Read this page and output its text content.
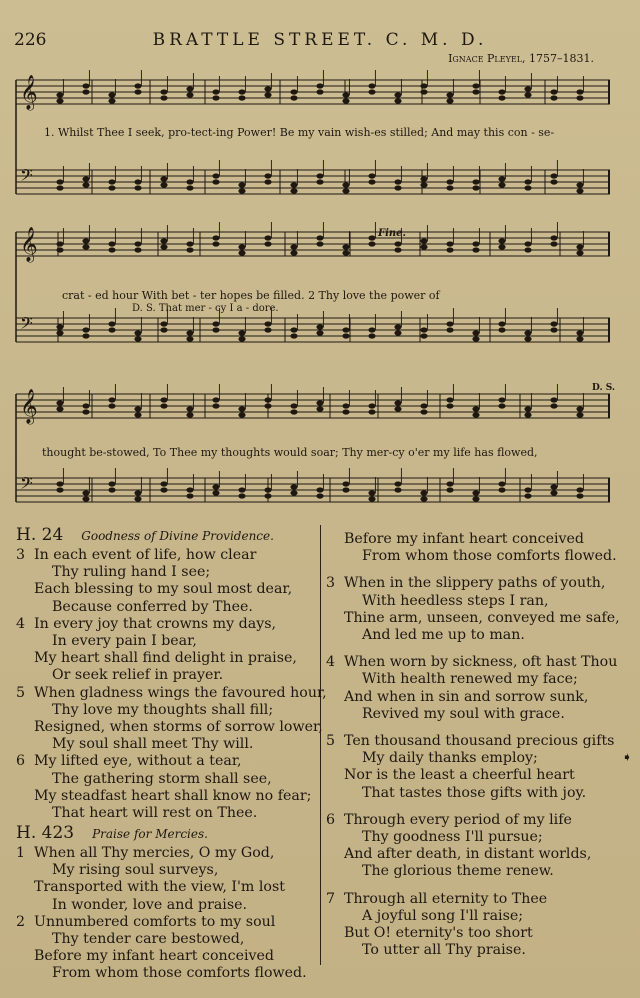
226	BRATTLE STREET. C. M. D.
Ignace Pleyel, 1757–1831.
𝄞
𝄢
𝄞
𝄢
𝄞
𝄢
1. Whilst Thee I seek, pro-tect-ing Power! Be my vain wish-es stilled; And may this con - se-
Fine.
crat - ed hour With bet - ter hopes be filled. 2 Thy love the power of
D. S. That mer - cy I a - dore.
D. S.
thought be-stowed, To Thee my thoughts would soar; Thy mer-cy o'er my life has flowed,
H. 24 Goodness of Divine Providence.
3 In each event of life, how clear
Thy ruling hand I see;
Each blessing to my soul most dear,
Because conferred by Thee.
4 In every joy that crowns my days,
In every pain I bear,
My heart shall find delight in praise,
Or seek relief in prayer.
5 When gladness wings the favoured hour,
Thy love my thoughts shall fill;
Resigned, when storms of sorrow lower,
My soul shall meet Thy will.
6 My lifted eye, without a tear,
The gathering storm shall see,
My steadfast heart shall know no fear;
That heart will rest on Thee.
H. 423 Praise for Mercies.
1 When all Thy mercies, O my God,
My rising soul surveys,
Transported with the view, I'm lost
In wonder, love and praise.
2 Unnumbered comforts to my soul
Thy tender care bestowed,
Before my infant heart conceived
From whom those comforts flowed.
Before my infant heart conceived
From whom those comforts flowed.
3 When in the slippery paths of youth,
With heedless steps I ran,
Thine arm, unseen, conveyed me safe,
And led me up to man.
4 When worn by sickness, oft hast Thou
With health renewed my face;
And when in sin and sorrow sunk,
Revived my soul with grace.
5 Ten thousand thousand precious gifts
My daily thanks employ;
Nor is the least a cheerful heart
That tastes those gifts with joy.
6 Through every period of my life
Thy goodness I'll pursue;
And after death, in distant worlds,
The glorious theme renew.
7 Through all eternity to Thee
A joyful song I'll raise;
But O! eternity's too short
To utter all Thy praise.
➧
